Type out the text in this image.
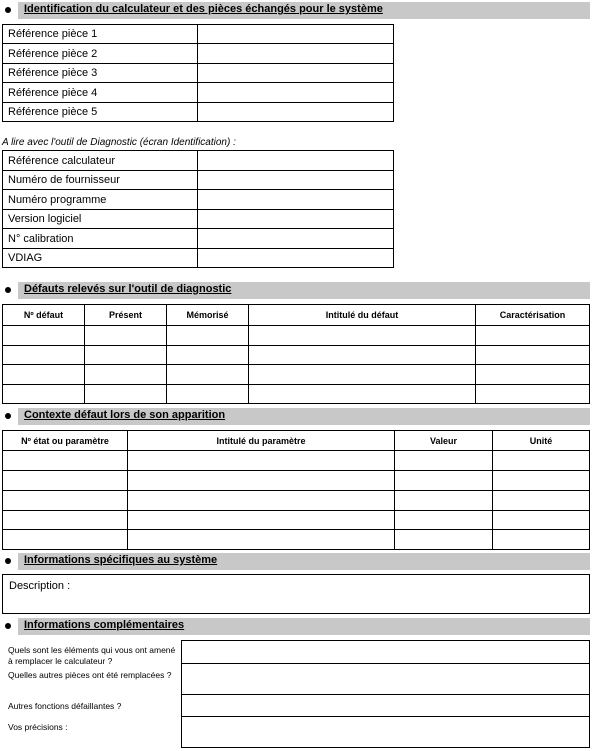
Identification du calculateur et des pièces échangés pour le système
Référence pièce 1	
Référence pièce 2	
Référence pièce 3	
Référence pièce 4	
Référence pièce 5	
A lire avec l'outil de Diagnostic (écran Identification) :
Référence calculateur	
Numéro de fournisseur	
Numéro programme	
Version logiciel	
N° calibration	
VDIAG	
Défauts relevés sur l'outil de diagnostic
Nº défaut	Présent	Mémorisé	Intitulé du défaut	Caractérisation

Contexte défaut lors de son apparition
Nº état ou paramètre	Intitulé du paramètre	Valeur	Unité

Informations spécifiques au système
Description :
Informations complémentaires
Quels sont les éléments qui vous ont amené à remplacer le calculateur ?
Quelles autres pièces ont été remplacées ?
Autres fonctions défaillantes ?
Vos précisions :
